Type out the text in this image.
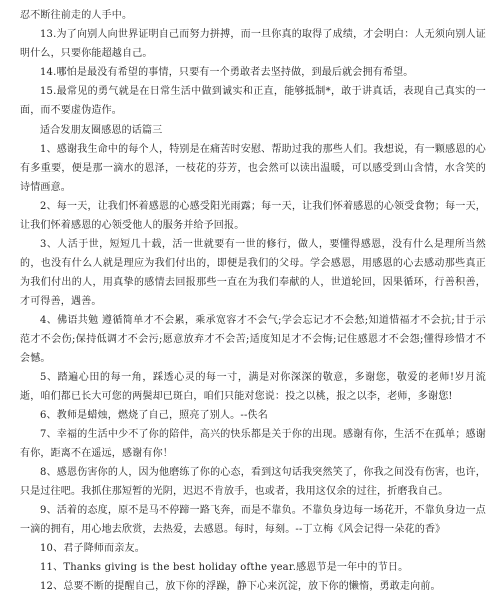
忍不断往前走的人手中。

13.为了向别人向世界证明自己而努力拼搏，而一旦你真的取得了成绩，才会明白：人无须向别人证明什么，只要你能超越自己。

14.哪怕是最没有希望的事情，只要有一个勇敢者去坚持做，到最后就会拥有希望。

15.最常见的勇气就是在日常生活中做到诚实和正直，能够抵制*，敢于讲真话，表现自己真实的一面，而不要虚伪造作。

适合发朋友圈感恩的话篇三

1、感谢我生命中的每个人，特别是在痛苦时安慰、帮助过我的那些人们。我想说，有一颗感恩的心有多重要，便是那一滴水的恩泽，一枝花的芬芳，也会然可以读出温暖，可以感受到山含情，水含笑的诗情画意。

2、每一天，让我们怀着感恩的心感受阳光雨露；每一天，让我们怀着感恩的心领受食物；每一天，让我们怀着感恩的心领受他人的服务并给予回报。

3、人活于世，短短几十载，活一世就要有一世的修行，做人，要懂得感恩，没有什么是理所当然的，也没有什么人就是理应为我们付出的，即便是我们的父母。学会感恩，用感恩的心去感动那些真正为我们付出的人，用真挚的感情去回报那些一直在为我们奉献的人，世道轮回，因果循环，行善积善，才可得善，遇善。

4、佛语共勉 遵循简单才不会累，乘承宽容才不会气;学会忘记才不会愁;知道惜福才不会抗;甘于示范才不会伤;保持低调才不会污;愿意放弃才不会苦;适度知足才不会悔;记住感恩才不会怨;懂得珍惜才不会憾。

5、踏遍心田的每一角，踩透心灵的每一寸，满是对你深深的敬意，多谢您，敬爱的老师!岁月流逝，咱们都已长大可您的两鬓却已斑白，咱们只能对您说：投之以桃，报之以李，老师，多谢您!

6、教师是蜡烛，燃烧了自己，照亮了别人。--佚名

7、幸福的生活中少不了你的陪伴，高兴的快乐都是关于你的出现。感谢有你，生活不在孤单；感谢有你，距离不在遥远，感谢有你！

8、感恩伤害你的人，因为他磨练了你的心态，看到这句话我突然笑了，你我之间没有伤害，也许，只是过往吧。我抓住那短暂的光阴，迟迟不肯放手，也或者，我用这仅余的过往，折磨我自己。

9、活着的态度，原不是马不停蹄一路飞奔，而是不靠负。不靠负身边每一场花开，不靠负身边一点一滴的拥有，用心地去欣赏，去热爱，去感恩。每时，每刻。--丁立梅《风会记得一朵花的香》

10、君子降师而亲友。

11、Thanks giving is the best holiday ofthe year.感恩节是一年中的节日。

12、总要不断的提醒自己，放下你的浮躁，静下心来沉淀，放下你的懒惰，勇敢走向前。
